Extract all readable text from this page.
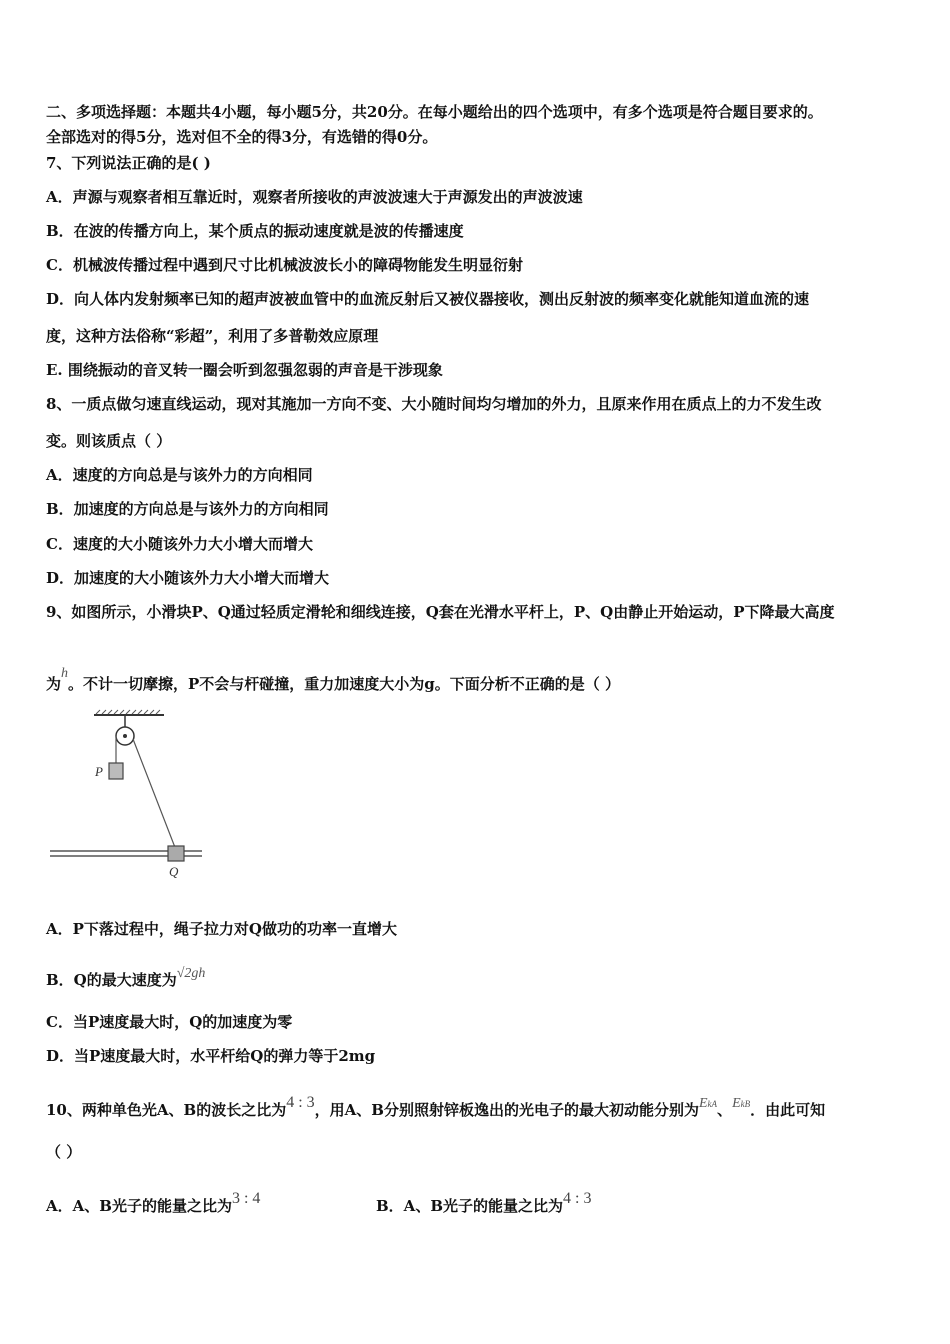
二、多项选择题：本题共4小题，每小题5分，共20分。在每小题给出的四个选项中，有多个选项是符合题目要求的。
全部选对的得5分，选对但不全的得3分，有选错的得0分。
7、下列说法正确的是( )
A．声源与观察者相互靠近时，观察者所接收的声波波速大于声源发出的声波波速
B．在波的传播方向上，某个质点的振动速度就是波的传播速度
C．机械波传播过程中遇到尺寸比机械波波长小的障碍物能发生明显衍射
D．向人体内发射频率已知的超声波被血管中的血流反射后又被仪器接收，测出反射波的频率变化就能知道血流的速
度，这种方法俗称“彩超”，利用了多普勒效应原理
E. 围绕振动的音叉转一圈会听到忽强忽弱的声音是干涉现象
8、一质点做匀速直线运动，现对其施加一方向不变、大小随时间均匀增加的外力，且原来作用在质点上的力不发生改
变。则该质点（ ）
A．速度的方向总是与该外力的方向相同
B．加速度的方向总是与该外力的方向相同
C．速度的大小随该外力大小增大而增大
D．加速度的大小随该外力大小增大而增大
9、如图所示，小滑块P、Q通过轻质定滑轮和细线连接，Q套在光滑水平杆上，P、Q由静止开始运动，P下降最大高度
为h。不计一切摩擦，P不会与杆碰撞，重力加速度大小为g。下面分析不正确的是（ ）
P
Q
A．P下落过程中，绳子拉力对Q做功的功率一直增大
B．Q的最大速度为√2gh
C．当P速度最大时，Q的加速度为零
D．当P速度最大时，水平杆给Q的弹力等于2mg
10、两种单色光A、B的波长之比为4 : 3，用A、B分别照射锌板逸出的光电子的最大初动能分别为EkA、EkB．由此可知
（ ）
A．A、B光子的能量之比为3 : 4	B．A、B光子的能量之比为4 : 3
